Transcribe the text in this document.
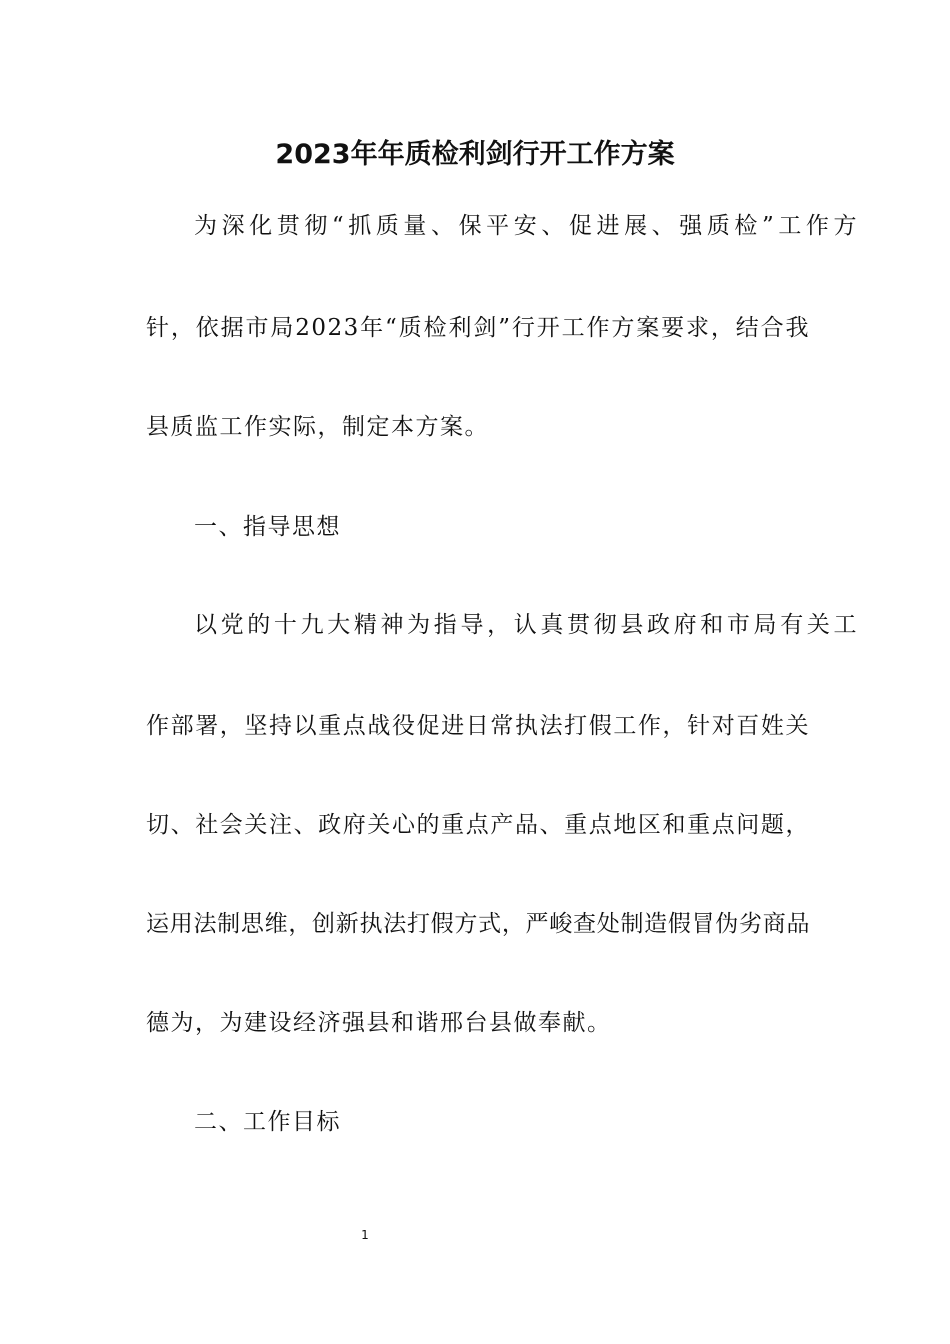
2023年年质检利剑行开工作方案
为深化贯彻“抓质量、保平安、促进展、强质检”工作方
针，依据市局2023年“质检利剑”行开工作方案要求，结合我
县质监工作实际，制定本方案。
一、指导思想
以党的十九大精神为指导，认真贯彻县政府和市局有关工
作部署，坚持以重点战役促进日常执法打假工作，针对百姓关
切、社会关注、政府关心的重点产品、重点地区和重点问题，
运用法制思维，创新执法打假方式，严峻查处制造假冒伪劣商品
德为，为建设经济强县和谐邢台县做奉献。
二、工作目标
1
